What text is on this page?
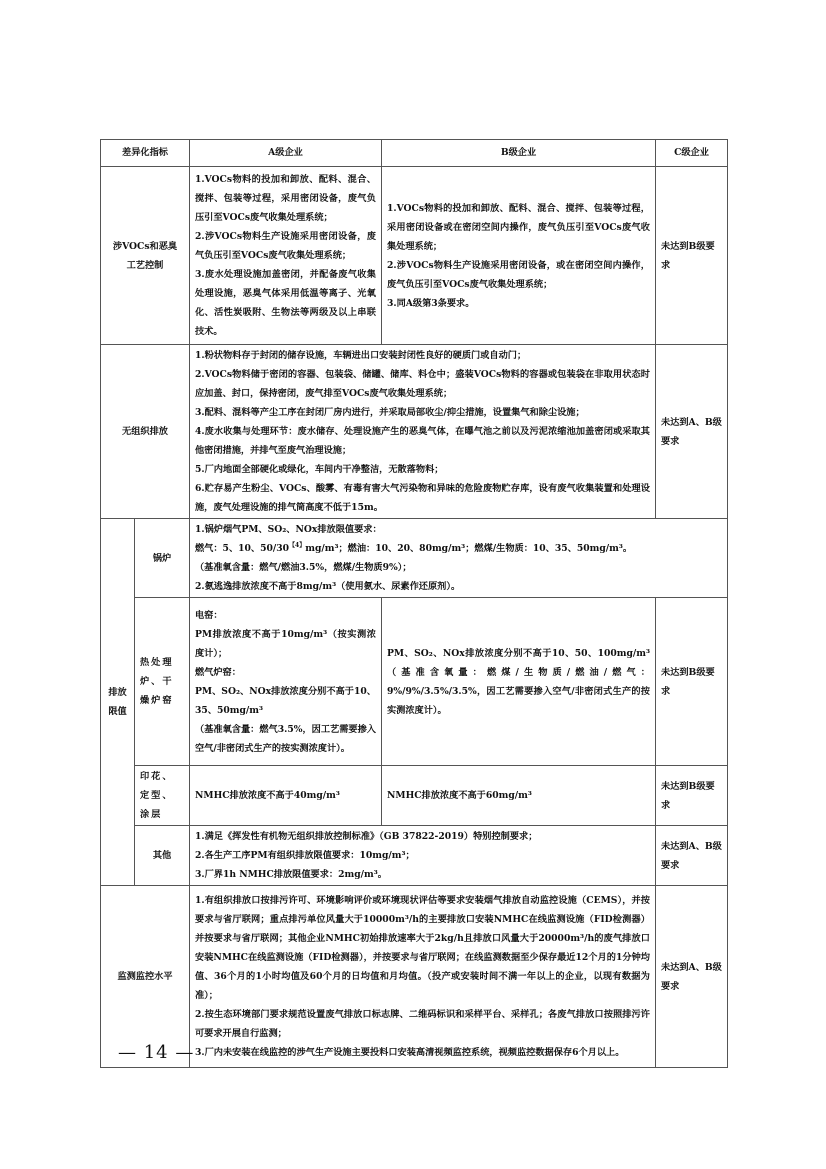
差异化指标		A级企业	B级企业	C级企业

涉VOCs和恶臭
工艺控制		1.VOCs物料的投加和卸放、配料、混合、搅拌、包装等过程，采用密闭设备，废气负压引至VOCs废气收集处理系统；
2.涉VOCs物料生产设施采用密闭设备，废气负压引至VOCs废气收集处理系统；
3.废水处理设施加盖密闭，并配备废气收集处理设施，恶臭气体采用低温等离子、光氧化、活性炭吸附、生物法等两级及以上串联技术。	1.VOCs物料的投加和卸放、配料、混合、搅拌、包装等过程，采用密闭设备或在密闭空间内操作，废气负压引至VOCs废气收集处理系统；
2.涉VOCs物料生产设施采用密闭设备，或在密闭空间内操作，废气负压引至VOCs废气收集处理系统；
3.同A级第3条要求。	未达到B级要求
无组织排放	
1.粉状物料存于封闭的储存设施，车辆进出口安装封闭性良好的硬质门或自动门；
2.VOCs物料储于密闭的容器、包装袋、储罐、储库、料仓中；盛装VOCs物料的容器或包装袋在非取用状态时应加盖、封口，保持密闭，废气排至VOCs废气收集处理系统；
3.配料、混料等产尘工序在封闭厂房内进行，并采取局部收尘/抑尘措施，设置集气和除尘设施；
4.废水收集与处理环节：废水储存、处理设施产生的恶臭气体，在曝气池之前以及污泥浓缩池加盖密闭或采取其他密闭措施，并排气至废气治理设施；
5.厂内地面全部硬化或绿化，车间内干净整洁，无散落物料；
6.贮存易产生粉尘、VOCs、酸雾、有毒有害大气污染物和异味的危险废物贮存库，设有废气收集装置和处理设施，废气处理设施的排气筒高度不低于15m。
	未达到A、B级要求

排放
限值	锅炉	1.锅炉烟气PM、SO₂、NOx排放限值要求：
燃气：5、10、$50/30^{【4】}mg/m^3$；燃油：10、20、80mg/m³；燃煤/生物质：10、35、50mg/m³。
（基准氧含量：燃气/燃油3.5%，燃煤/生物质9%）；
2.氨逃逸排放浓度不高于8mg/m³（使用氨水、尿素作还原剂）。		

	热处理
炉、干
燥炉窑	电窑：
PM排放浓度不高于10mg/m³（按实测浓度计）；
燃气炉窑：
PM、SO₂、NOx排放浓度分别不高于10、35、50mg/m³
（基准氧含量：燃气3.5%，因工艺需要掺入空气/非密闭式生产的按实测浓度计）。	PM、SO₂、NOx排放浓度分别不高于10、50、100mg/m³（基准含氧量：燃煤/生物质/燃油/燃气：9%/9%/3.5%/3.5%，因工艺需要掺入空气/非密闭式生产的按实测浓度计）。	未达到B级要求

	印花、
定型、
涂层	NMHC排放浓度不高于40mg/m³	NMHC排放浓度不高于60mg/m³	未达到B级要求
	其他	1.满足《挥发性有机物无组织排放控制标准》（GB 37822-2019）特别控制要求；
2.各生产工序PM有组织排放限值要求：10mg/m³；
3.厂界1h NMHC排放限值要求：2mg/m³。		未达到A、B级要求
监测监控水平		1.有组织排放口按排污许可、环境影响评价或环境现状评估等要求安装烟气排放自动监控设施（CEMS），并按要求与省厅联网；重点排污单位风量大于10000m³/h的主要排放口安装NMHC在线监测设施（FID检测器）并按要求与省厅联网；其他企业NMHC初始排放速率大于2kg/h且排放口风量大于20000m³/h的废气排放口安装NMHC在线监测设施（FID检测器），并按要求与省厅联网；在线监测数据至少保存最近12个月的1分钟均值、36个月的1小时均值及60个月的日均值和月均值。（投产或安装时间不满一年以上的企业，以现有数据为准）；
2.按生态环境部门要求规范设置废气排放口标志牌、二维码标识和采样平台、采样孔；各废气排放口按照排污许可要求开展自行监测；
3.厂内未安装在线监控的涉气生产设施主要投料口安装高清视频监控系统，视频监控数据保存6个月以上。		未达到A、B级要求
— 14 —
